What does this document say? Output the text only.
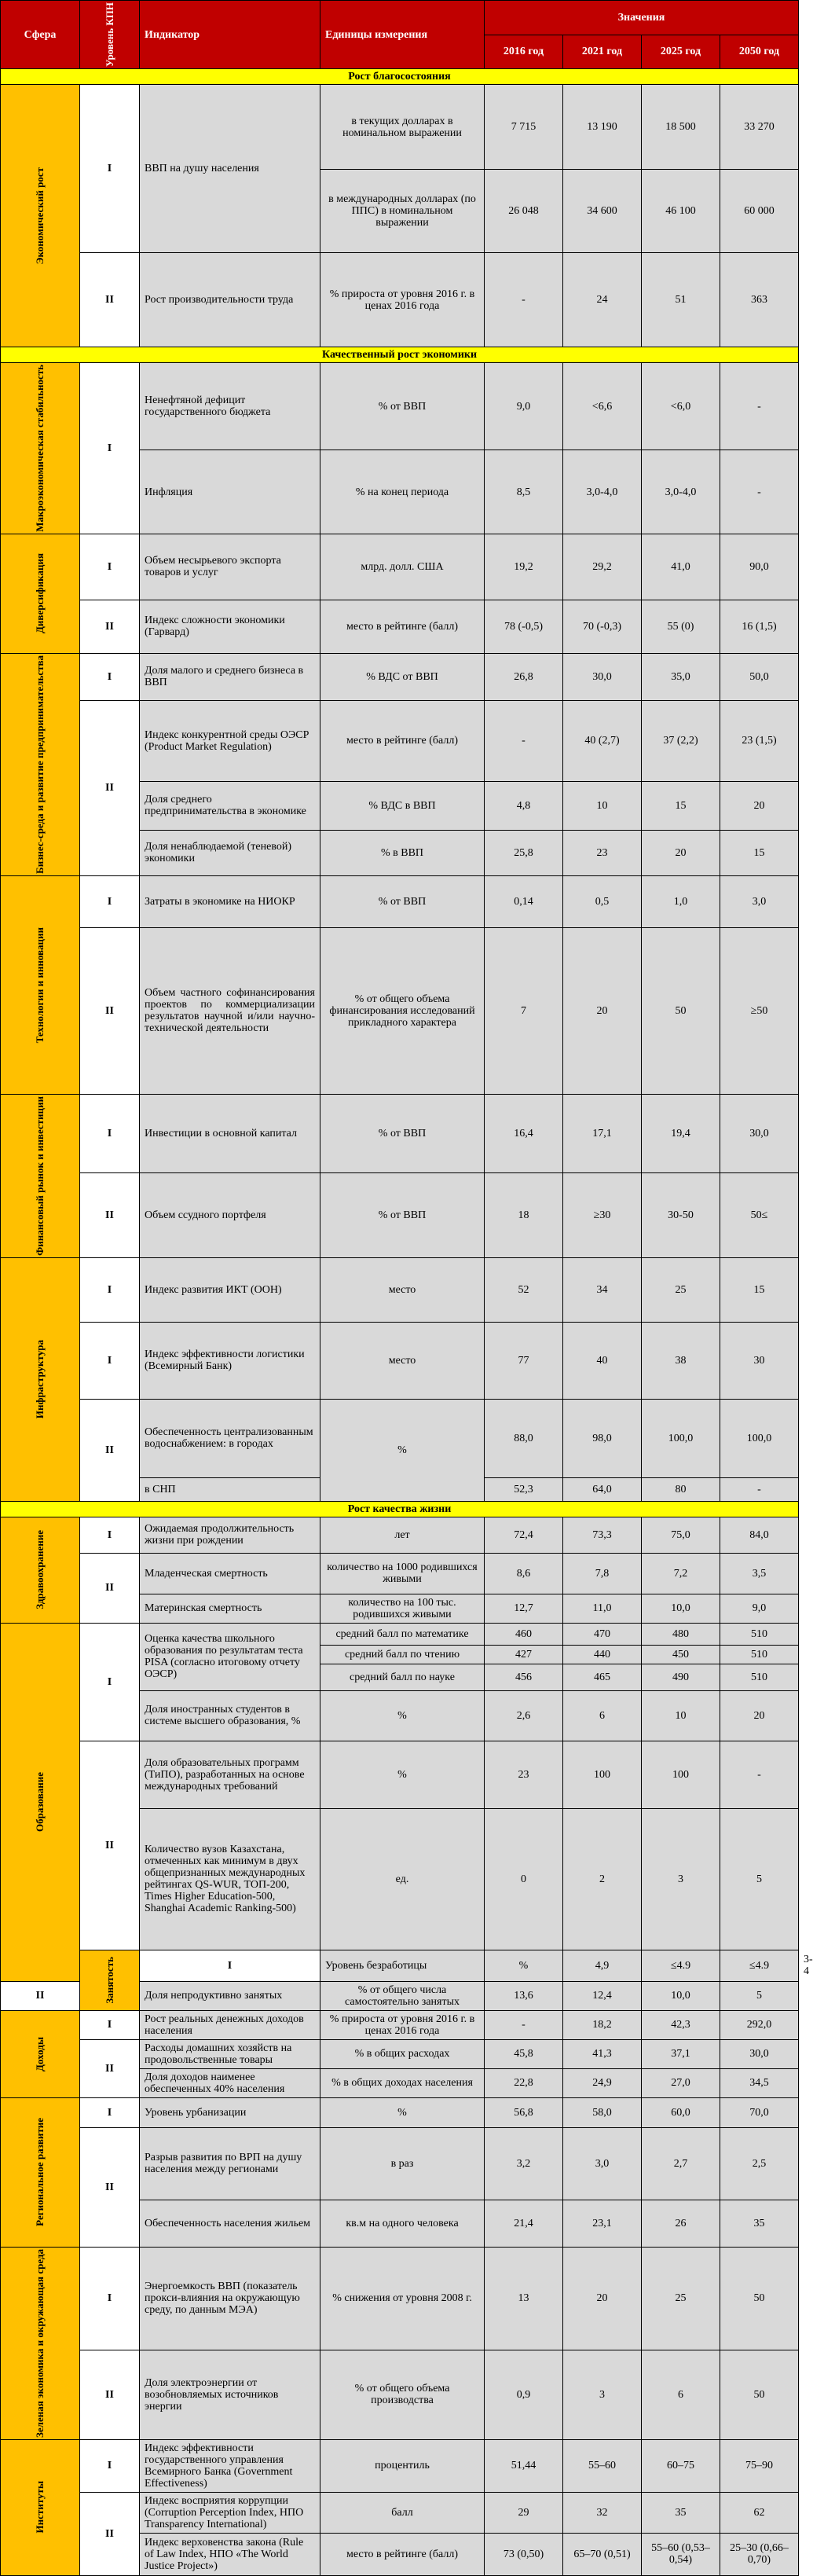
Сфера	Уровень КПН	Индикатор	Единицы измерения	Значения				
				2016 год	2021 год	2025 год	2050 год	
Рост благосостояния								

Экономический рост	I	ВВП на душу населения	в текущих долларах в номинальном выражении	7 715	13 190	18 500	33 270	
			в международных долларах (по ППС) в номинальном выражении	26 048	34 600	46 100	60 000	
	II	Рост производительности труда	% прироста от уровня 2016 г. в ценах 2016 года	-	24	51	363	
Качественный рост экономики								

Макроэкономическая стабильность	I	Ненефтяной дефицит государственного бюджета	% от ВВП	9,0	<6,6	<6,0	-	
		Инфляция	% на конец периода	8,5	3,0-4,0	3,0-4,0	-	

Диверсификация	I	Объем несырьевого экспорта товаров и услуг	млрд. долл. США	19,2	29,2	41,0	90,0	
	II	Индекс сложности экономики (Гарвард)	место в рейтинге (балл)	78 (-0,5)	70 (-0,3)	55 (0)	16 (1,5)	

Бизнес-среда и развитие предпринимательства	I	Доля малого и среднего бизнеса в ВВП	% ВДС от ВВП	26,8	30,0	35,0	50,0	
	II	Индекс конкурентной среды ОЭСР (Product Market Regulation)	место в рейтинге (балл)	-	40 (2,7)	37 (2,2)	23 (1,5)	
		Доля среднего предпринимательства в экономике	% ВДС в ВВП	4,8	10	15	20	
		Доля ненаблюдаемой (теневой) экономики	% в ВВП	25,8	23	20	15	

Технологии и инновации	I	Затраты в экономике на НИОКР	% от ВВП	0,14	0,5	1,0	3,0	
	II	Объем частного софинансирования проектов по коммерциализации результатов научной и/или научно-технической деятельности	% от общего объема финансирования исследований прикладного характера	7	20	50	≥50	

Финансовый рынок и инвестиции	I	Инвестиции в основной капитал	% от ВВП	16,4	17,1	19,4	30,0	
	II	Объем ссудного портфеля	% от ВВП	18	≥30	30-50	50≤	

Инфраструктура	I	Индекс развития ИКТ (ООН)	место	52	34	25	15	
	I	Индекс эффективности логистики (Всемирный Банк)	место	77	40	38	30	
	II	Обеспеченность централизованным водоснабжением: в городах	%	88,0	98,0	100,0	100,0	
		в СНП		52,3	64,0	80	-	
Рост качества жизни								

Здравоохранение	I	Ожидаемая продолжительность жизни при рождении	лет	72,4	73,3	75,0	84,0	
	II	Младенческая смертность	количество на 1000 родившихся живыми	8,6	7,8	7,2	3,5	
		Материнская смертность	количество на 100 тыс. родившихся живыми	12,7	11,0	10,0	9,0	

Образование	I	Оценка качества школьного образования по результатам теста PISA (согласно итоговому отчету ОЭСР)	средний балл по математике	460	470	480	510	
			средний балл по чтению	427	440	450	510	
			средний балл по науке	456	465	490	510	
		Доля иностранных студентов в системе высшего образования, %	%	2,6	6	10	20	
	II	Доля образовательных программ (ТиПО), разработанных на основе международных требований	%	23	100	100	-	
		Количество вузов Казахстана, отмеченных как минимум в двух общепризнанных международных рейтингах QS-WUR, ТОП-200, Times Higher Education-500, Shanghai Academic Ranking-500)	ед.	0	2	3	5	

	Занятость	I	Уровень безработицы	%	4,9	≤4.9	≤4.9	3-4
II		Доля непродуктивно занятых	% от общего числа самостоятельно занятых	13,6	12,4	10,0	5	

Доходы	I	Рост реальных денежных доходов населения	% прироста от уровня 2016 г. в ценах 2016 года	-	18,2	42,3	292,0	
	II	Расходы домашних хозяйств на продовольственные товары	% в общих расходах	45,8	41,3	37,1	30,0	
		Доля доходов наименее обеспеченных 40% населения	% в общих доходах населения	22,8	24,9	27,0	34,5	

Региональное развитие	I	Уровень урбанизации	%	56,8	58,0	60,0	70,0	
	II	Разрыв развития по ВРП на душу населения между регионами	в раз	3,2	3,0	2,7	2,5	
		Обеспеченность населения жильем	кв.м на одного человека	21,4	23,1	26	35	

Зеленая экономика и окружающая среда	I	Энергоемкость ВВП (показатель прокси-влияния на окружающую среду, по данным МЭА)	% снижения от уровня 2008 г.	13	20	25	50	
	II	Доля электроэнергии от возобновляемых источников энергии	% от общего объема производства	0,9	3	6	50	

Институты	I	Индекс эффективности государственного управления Всемирного Банка (Government Effectiveness)	процентиль	51,44	55–60	60–75	75–90	
	II	Индекс восприятия коррупции (Corruption Perception Index, НПО Transparency International)	балл	29	32	35	62	
		Индекс верховенства закона (Rule of Law Index, НПО «The World Justice Project»)	место в рейтинге (балл)	73 (0,50)	65–70 (0,51)	55–60 (0,53–0,54)	25–30 (0,66–0,70)	
